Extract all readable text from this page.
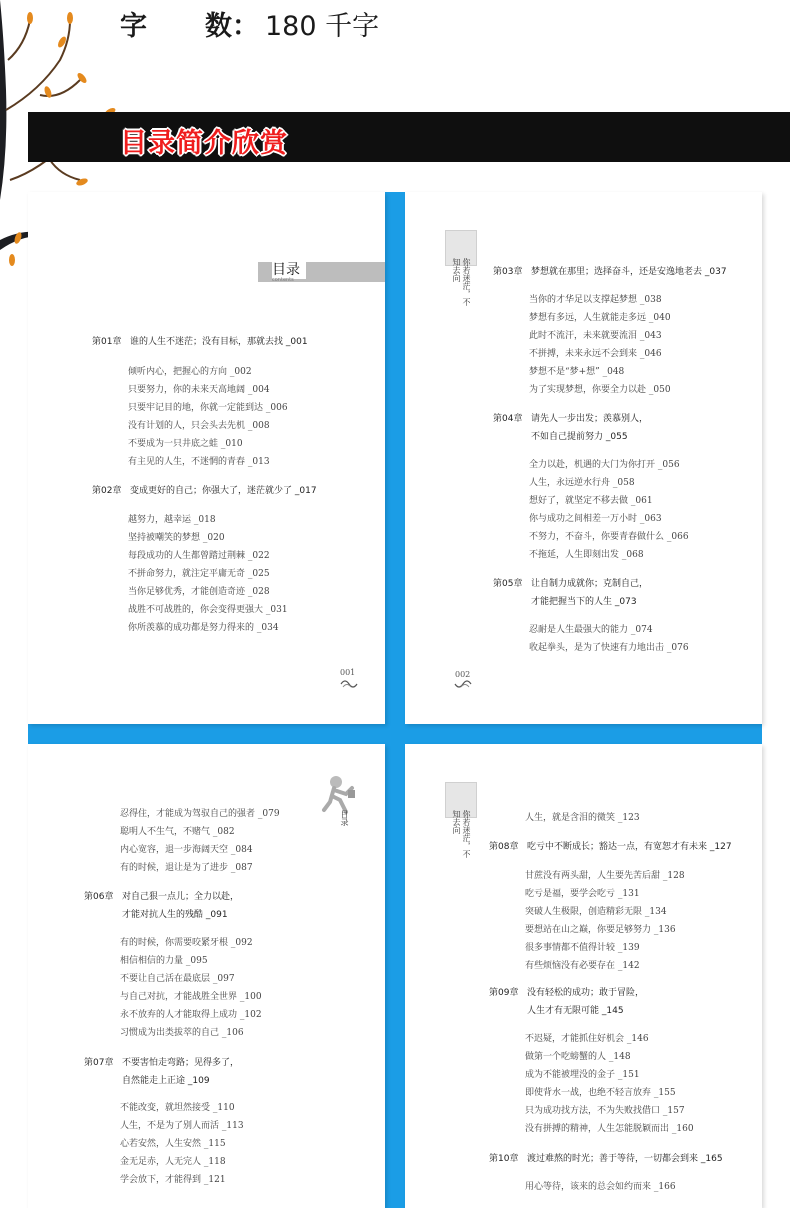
字 数： 180 千字
目录简介欣赏
目录
contents
第01章 谁的人生不迷茫；没有目标，那就去找 _001
倾听内心，把握心的方向 _002
只要努力，你的未来天高地阔 _004
只要牢记目的地，你就一定能到达 _006
没有计划的人，只会头去先机 _008
不要成为一只井底之蛙 _010
有主见的人生，不迷惘的青春 _013
第02章 变成更好的自己；你强大了，迷茫就少了 _017
越努力，越幸运 _018
坚持被嘲笑的梦想 _020
每段成功的人生都曾踏过荆棘 _022
不拼命努力，就注定平庸无奇 _025
当你足够优秀，才能创造奇迹 _028
战胜不可战胜的，你会变得更强大 _031
你所羡慕的成功都是努力得来的 _034
001
你若迷茫，不知去向	第03章 梦想就在那里；选择奋斗，还是安逸地老去 _037
当你的才华足以支撑起梦想 _038
梦想有多远，人生就能走多远 _040
此时不流汗，未来就要流泪 _043
不拼搏，未来永远不会到来 _046
梦想不是“梦+想” _048
为了实现梦想，你要全力以赴 _050
第04章 请先人一步出发；羡慕别人，
不如自己提前努力 _055
全力以赴，机遇的大门为你打开 _056
人生，永远逆水行舟 _058
想好了，就坚定不移去做 _061
你与成功之间相差一万小时 _063
不努力，不奋斗，你要青春做什么 _066
不拖延，人生即刻出发 _068
第05章 让自制力成就你；克制自己，
才能把握当下的人生 _073
忍耐是人生最强大的能力 _074
收起拳头，是为了快速有力地出击 _076
002
目录
忍得住，才能成为驾驭自己的强者 _079
聪明人不生气，不赌气 _082
内心宽容，退一步海阔天空 _084
有的时候，退让是为了进步 _087
第06章 对自己狠一点儿；全力以赴，
才能对抗人生的残酷 _091
有的时候，你需要咬紧牙根 _092
相信相信的力量 _095
不要让自己活在最底层 _097
与自己对抗，才能战胜全世界 _100
永不放弃的人才能取得上成功 _102
习惯成为出类拔萃的自己 _106
第07章 不要害怕走弯路；见得多了，
自然能走上正途 _109
不能改变，就坦然接受 _110
人生，不是为了别人而活 _113
心若安然，人生安然 _115
金无足赤，人无完人 _118
学会放下，才能得到 _121
你若迷茫，不知去向	人生，就是含泪的微笑 _123
第08章 吃亏中不断成长；豁达一点，有宽恕才有未来 _127
甘蔗没有两头甜，人生要先苦后甜 _128
吃亏是福，要学会吃亏 _131
突破人生极限，创造精彩无限 _134
要想站在山之巅，你要足够努力 _136
很多事情都不值得计较 _139
有些烦恼没有必要存在 _142
第09章 没有轻松的成功；敢于冒险，
人生才有无限可能 _145
不迟疑，才能抓住好机会 _146
做第一个吃螃蟹的人 _148
成为不能被埋没的金子 _151
即使背水一战，也绝不轻言放弃 _155
只为成功找方法，不为失败找借口 _157
没有拼搏的精神，人生怎能脱颖而出 _160
第10章 渡过难熬的时光；善于等待，一切都会到来 _165
用心等待，该来的总会如约而来 _166
